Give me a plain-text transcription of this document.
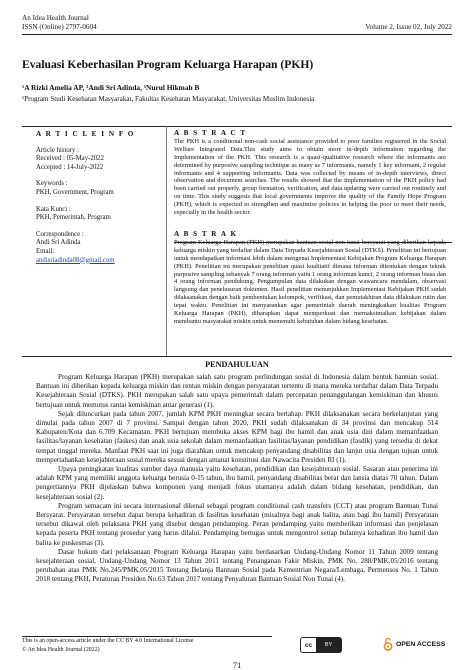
An Idea Health Journal
ISSN (Online) 2797-0604	Volume 2, Issue 02, July 2022
Evaluasi Keberhasilan Program Keluarga Harapan (PKH)
¹A Rizki Amelia AP, ¹Andi Sri Adinda, ¹Nurul Hikmah B
¹Program Studi Kesehatan Masyarakat, Fakultas Kesehatan Masyarakat, Universitas Muslim Indonesia

A R T I C L E I N F O

Article history :

Received : 05-May-2022

Accepted : 14-July-2022

Keywords :

PKH, Government, Program

Kata Kunci :

PKH, Pemerintah, Program

Correspondence :

Andi Sri Adinda

Email:

andisriadinda08@gmail.com

A B S T R A C T

The PKH is a conditional non-cash social assistance provided to poor families registered in the Social Welfare Integrated Data.This study aims to obtain more in-depth information regarding the Implementation of the PKH. This research is a quasi-qualitative research where the informants are determined by purposive sampling technique as many as 7 informants, namely 1 key informant, 2 regular informants and 4 supporting informants. Data was collected by means of in-depth interviews, direct observation and document searches. The results showed that the implementation of the PKH policy had been carried out properly. group formation, verification, and data updating were carried out routinely and on time. This study suggests that local governments improve the quality of the Family Hope Program (PKH), which is expected to strengthen and maximize policies in helping the poor to meet their needs, especially in the health sector.

A B S T R A K

Program Keluarga Harapan (PKH) merupakan bantuan sosial non tunai bersyarat yang diberikan kepada keluarga miskin yang terdaftar dalam Data Terpadu Kesejahteraan Sosial (DTKS). Penelitian ini bertujuan untuk mendapatkan informasi lebih dalam mengenai Implementasi Kebijakan Program Keluarga Harapan (PKH). Penelitian ini merupakan penelitian quasi kualitatif dimana informan ditentukan dengan teknik purposive sampling sebanyak 7 orang informan yaitu 1 orang informan kunci, 2 orang informan biasa dan 4 orang informan pendukung. Pengumpulan data dilakukan dengan wawancara mendalam, observasi langsung dan penelusuran dokumen. Hasil penelitian menunjukkan Implementasi Kebijakan PKH sudah dilaksanakan dengan baik pembentukan kelompok, verifikasi, dan pemutakhiran data dilakukan rutin dan tepat waktu. Penelitian ini menyarankan agar pemerintah daerah meningkatkan kualitas Program Keluarga Harapan (PKH), diharapkan dapat memperkuat dan memaksimalkan kebijakan dalam membantu masyarakat miskin untuk memenuhi kebutuhan dalam bidang kesehatan.

PENDAHULUAN

Program Keluarga Harapan (PKH) merupakan salah satu program perlindungan sosial di Indonesia dalam bentuk bantuan sosial. Bantuan ini diberikan kepada keluarga miskin dan rentan miskin dengan persyaratan tertentu di mana mereka terdaftar dalam Data Terpadu Kesejahteraan Sosial (DTKS). PKH merupakan salah satu upaya pemerintah dalam percepatan penanggulangan kemiskinan dan khusus bertujuan untuk memutus rantai kemiskinan antar generasi (1).

Sejak diluncurkan pada tahun 2007, jumlah KPM PKH meningkat secara bertahap. PKH dilaksanakan secara berkelanjutan yang dimulai pada tahun 2007 di 7 provinsi. Sampai dengan tahun 2020, PKH sudah dilaksanakan di 34 provinsi dan mencakup 514 Kabupaten/Kota dan 6.709 Kecamatan. PKH bertujuan membuka akses KPM bagi ibu hamil dan anak usia dini dalam memanfaatkan fasilitas/layanan kesehatan (faskes) dan anak usia sekolah dalam memanfaatkan fasilitas/layanan pendidikan (fasdik) yang tersedia di dekat tempat tinggal mereka. Manfaat PKH saat ini juga diarahkan untuk mencakup penyandang disabilitas dan lanjut usia dengan tujuan untuk mempertahankan kesejahteraan sosial mereka sesuai dengan amanat konstitusi dan Nawacita Presiden RI (1).

Upaya peningkatan kualitas sumber daya manusia yaitu kesehatan, pendidikan dan kesejahteraan sosial. Sasaran atau penerima ini adalah KPM yang memiliki anggota keluarga berusia 0-15 tahun, ibu hamil, penyandang disabilitas berat dan lansia diatas 70 tahun. Dalam pengertiannya PKH dijelaskan bahwa komponen yang menjadi fokus utamanya adalah dalam bidang kesehatan, pendidikan, dan kesejahteraan sosial (2).

Program semacam ini secara internasional dikenal sebagai program conditional cash transfers (CCT) atau program Bantuan Tunai Bersyarat. Persyaratan tersebut dapat berupa kehadiran di fasilitas kesehatan (misalnya bagi anak balita, atau bagi ibu hamil) Persyaratan tersebut dikawal oleh pelaksana PKH yang disebut dengan pendamping. Peran pendamping yaitu memberikan informasi dan penjelasan kepada peserta PKH tentang prosedur yang harus dilalui. Pendamping bertugas untuk mengontrol setiap bulannya kehadiran ibu hamil dan balita ke puskesmas (3).

Dasar hukum dari pelaksanaan Program Keluarga Harapan yaitu berdasarkan Undang-Undang Nomor 11 Tahun 2009 tentang kesejahteraan sosial, Undang-Undang Nomor 13 Tahun 2011 tentang Penanganan Fakir Miskin, PMK No. 288/PMK.05/2016 tentang perubahan atas PMK No.245/PMK.05/2015 Tentang Belanja Bantuan Sosial pada Kementrian Negara/Lembaga, Permensos No. 1 Tahun 2018 tentang PKH, Peraturan Presiden No.63 Tahun 2017 tentang Penyaluran Bantuan Sosial Non Tunai (4).

This is an open-access article under the CC BY 4.0 International License
© An Idea Health Journal (2022)
cc	BY	OPEN ACCESS
71
